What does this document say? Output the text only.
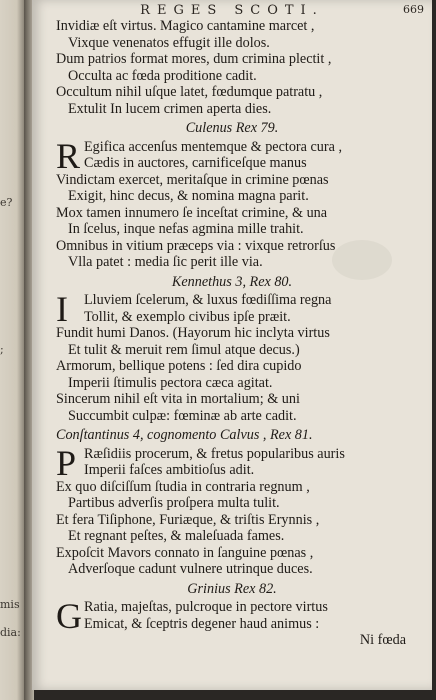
e?
;
mis
dia:
REGES SCOTI.	669
Invidiæ eſt virtus. Magico cantamine marcet ,
Vixque venenatos effugit ille dolos.
Dum patrios format mores, dum crimina plectit ,
Occulta ac fœda proditione cadit.
Occultum nihil uſque latet, fœdumque patratu ,
Extulit In lucem crimen aperta dies.
Culenus Rex 79.
R Egifica accenſus mentemque & pectora cura ,
Cædis in auctores, carnificeſque manus
Vindictam exercet, meritaſque in crimine pœnas
Exigit, hinc decus, & nomina magna parit.
Mox tamen innumero ſe inceſtat crimine, & una
In ſcelus, inque nefas agmina mille trahit.
Omnibus in vitium præceps via : vixque retrorſus
Vlla patet : media ſic perit ille via.
Kennethus 3, Rex 80.
I	Lluviem ſcelerum, & luxus fœdiſſima regna
Tollit, & exemplo civibus ipſe præit.
Fundit humi Danos. (Hayorum hic inclyta virtus
Et tulit & meruit rem ſimul atque decus.)
Armorum, bellique potens : ſed dira cupido
Imperii ſtimulis pectora cæca agitat.
Sincerum nihil eſt vita in mortalium; & uni
Succumbit culpæ: fœminæ ab arte cadit.
Conſtantinus 4, cognomento Calvus , Rex 81.
P Ræſidiis procerum, & fretus popularibus auris
Imperii faſces ambitioſus adit.
Ex quo diſciſſum ſtudia in contraria regnum ,
Partibus adverſis proſpera multa tulit.
Et fera Tiſiphone, Furiæque, & triſtis Erynnis ,
Et regnant peſtes, & maleſuada fames.
Expoſcit Mavors connato in ſanguine pœnas ,
Adverſoque cadunt vulnere utrinque duces.
Grinius Rex 82.
G Ratia, majeſtas, pulcroque in pectore virtus
Emicat, & ſceptris degener haud animus :
Ni fœda
